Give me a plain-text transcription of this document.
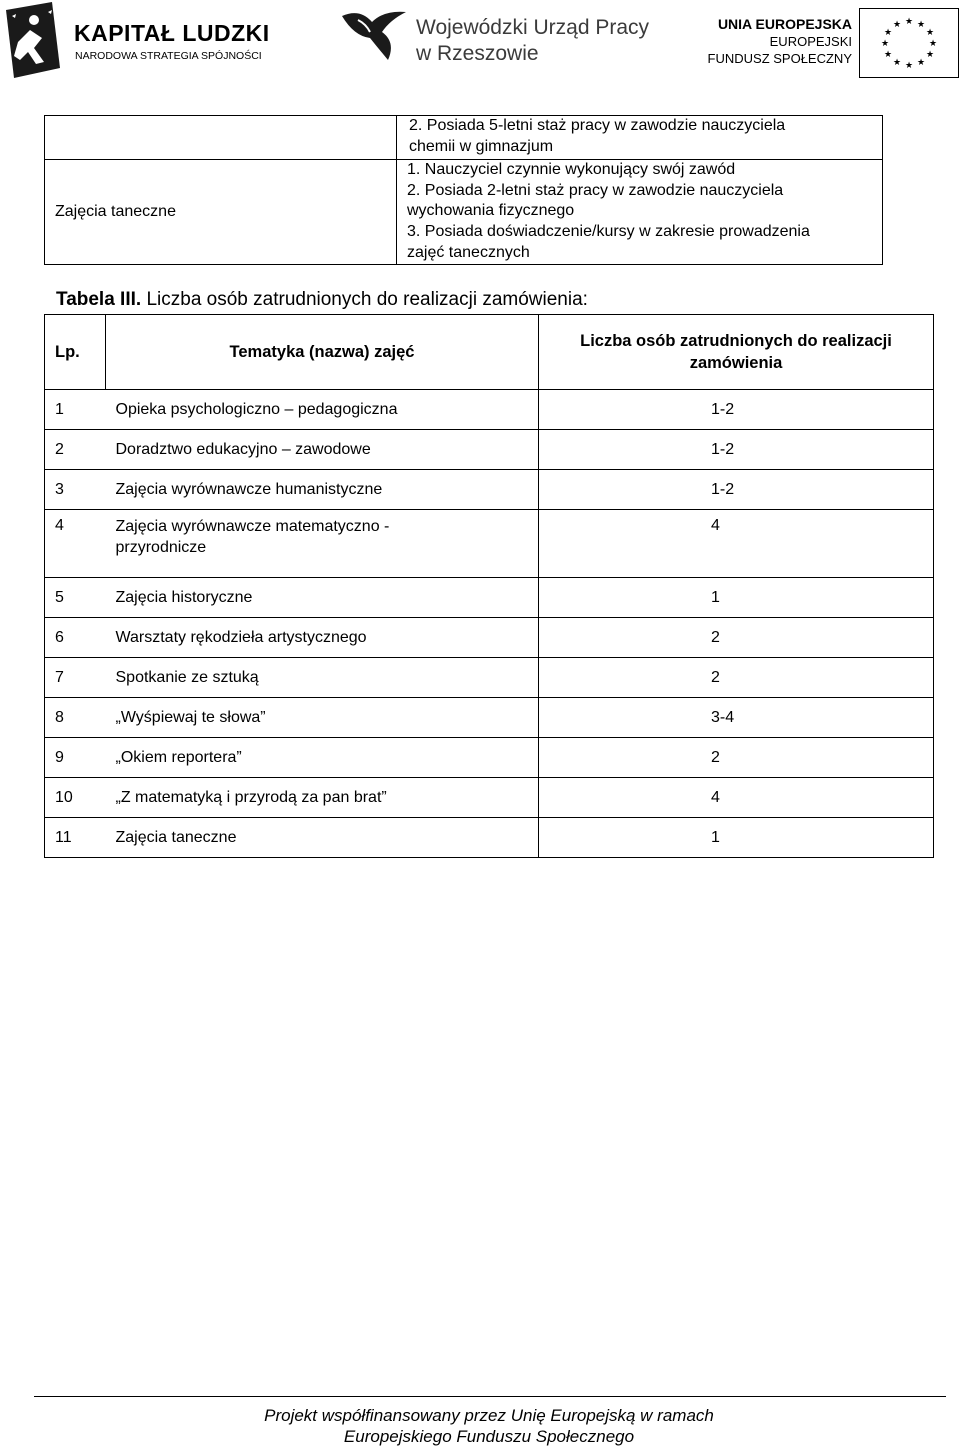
KAPITAŁ LUDZKI
NARODOWA STRATEGIA SPÓJNOŚCI
Wojewódzki Urząd Pracy
w Rzeszowie
UNIA EUROPEJSKA
EUROPEJSKI
FUNDUSZ SPOŁECZNY
★ ★
★
★
★
★
★
★
★
★
★
★

	2. Posiada 5-letni staż pracy w zawodzie nauczyciela
chemii w gimnazjum

Zajęcia taneczne	1. Nauczyciel czynnie wykonujący swój zawód
2. Posiada 2-letni staż pracy w zawodzie nauczyciela
wychowania fizycznego
3. Posiada doświadczenie/kursy w zakresie prowadzenia
zajęć tanecznych
Tabela III. Liczba osób zatrudnionych do realizacji zamówienia:
Lp.	Tematyka (nazwa) zajęć	Liczba osób zatrudnionych do realizacji
zamówienia

1	Opieka psychologiczno – pedagogiczna	1-2
2	Doradztwo edukacyjno – zawodowe	1-2
3	Zajęcia wyrównawcze humanistyczne	1-2
4	Zajęcia wyrównawcze matematyczno -
przyrodnicze	4
5	Zajęcia historyczne	1
6	Warsztaty rękodzieła artystycznego	2
7	Spotkanie ze sztuką	2
8	„Wyśpiewaj te słowa”	3-4
9	„Okiem reportera”	2
10	„Z matematyką i przyrodą za pan brat”	4
11	Zajęcia taneczne	1
Projekt współfinansowany przez Unię Europejską w ramach
Europejskiego Funduszu Społecznego
